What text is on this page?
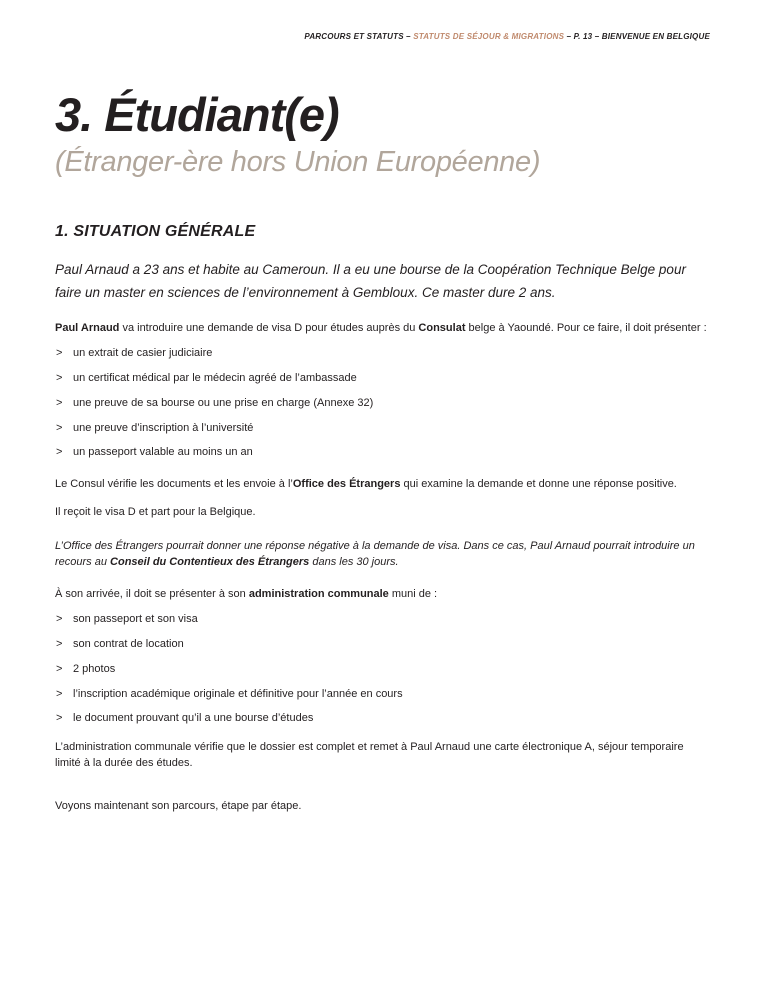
PARCOURS ET STATUTS – STATUTS DE SÉJOUR & MIGRATIONS – P. 13 – BIENVENUE EN BELGIQUE
3. Étudiant(e)
(Étranger-ère hors Union Européenne)
1. SITUATION GÉNÉRALE

Paul Arnaud a 23 ans et habite au Cameroun. Il a eu une bourse de la Coopération Technique Belge pour faire un master en sciences de l’environnement à Gembloux. Ce master dure 2 ans.

Paul Arnaud va introduire une demande de visa D pour études auprès du Consulat belge à Yaoundé. Pour ce faire, il doit présenter :

> un extrait de casier judiciaire
> un certificat médical par le médecin agréé de l’ambassade
> une preuve de sa bourse ou une prise en charge (Annexe 32)
> une preuve d’inscription à l’université
> un passeport valable au moins un an

Le Consul vérifie les documents et les envoie à l’Office des Étrangers qui examine la demande et donne une réponse positive.

Il reçoit le visa D et part pour la Belgique.

L’Office des Étrangers pourrait donner une réponse négative à la demande de visa. Dans ce cas, Paul Arnaud pourrait introduire un recours au Conseil du Contentieux des Étrangers dans les 30 jours.

À son arrivée, il doit se présenter à son administration communale muni de :

> son passeport et son visa
> son contrat de location
> 2 photos
> l’inscription académique originale et définitive pour l’année en cours
> le document prouvant qu’il a une bourse d’études

L’administration communale vérifie que le dossier est complet et remet à Paul Arnaud une carte électronique A, séjour temporaire limité à la durée des études.

Voyons maintenant son parcours, étape par étape.
